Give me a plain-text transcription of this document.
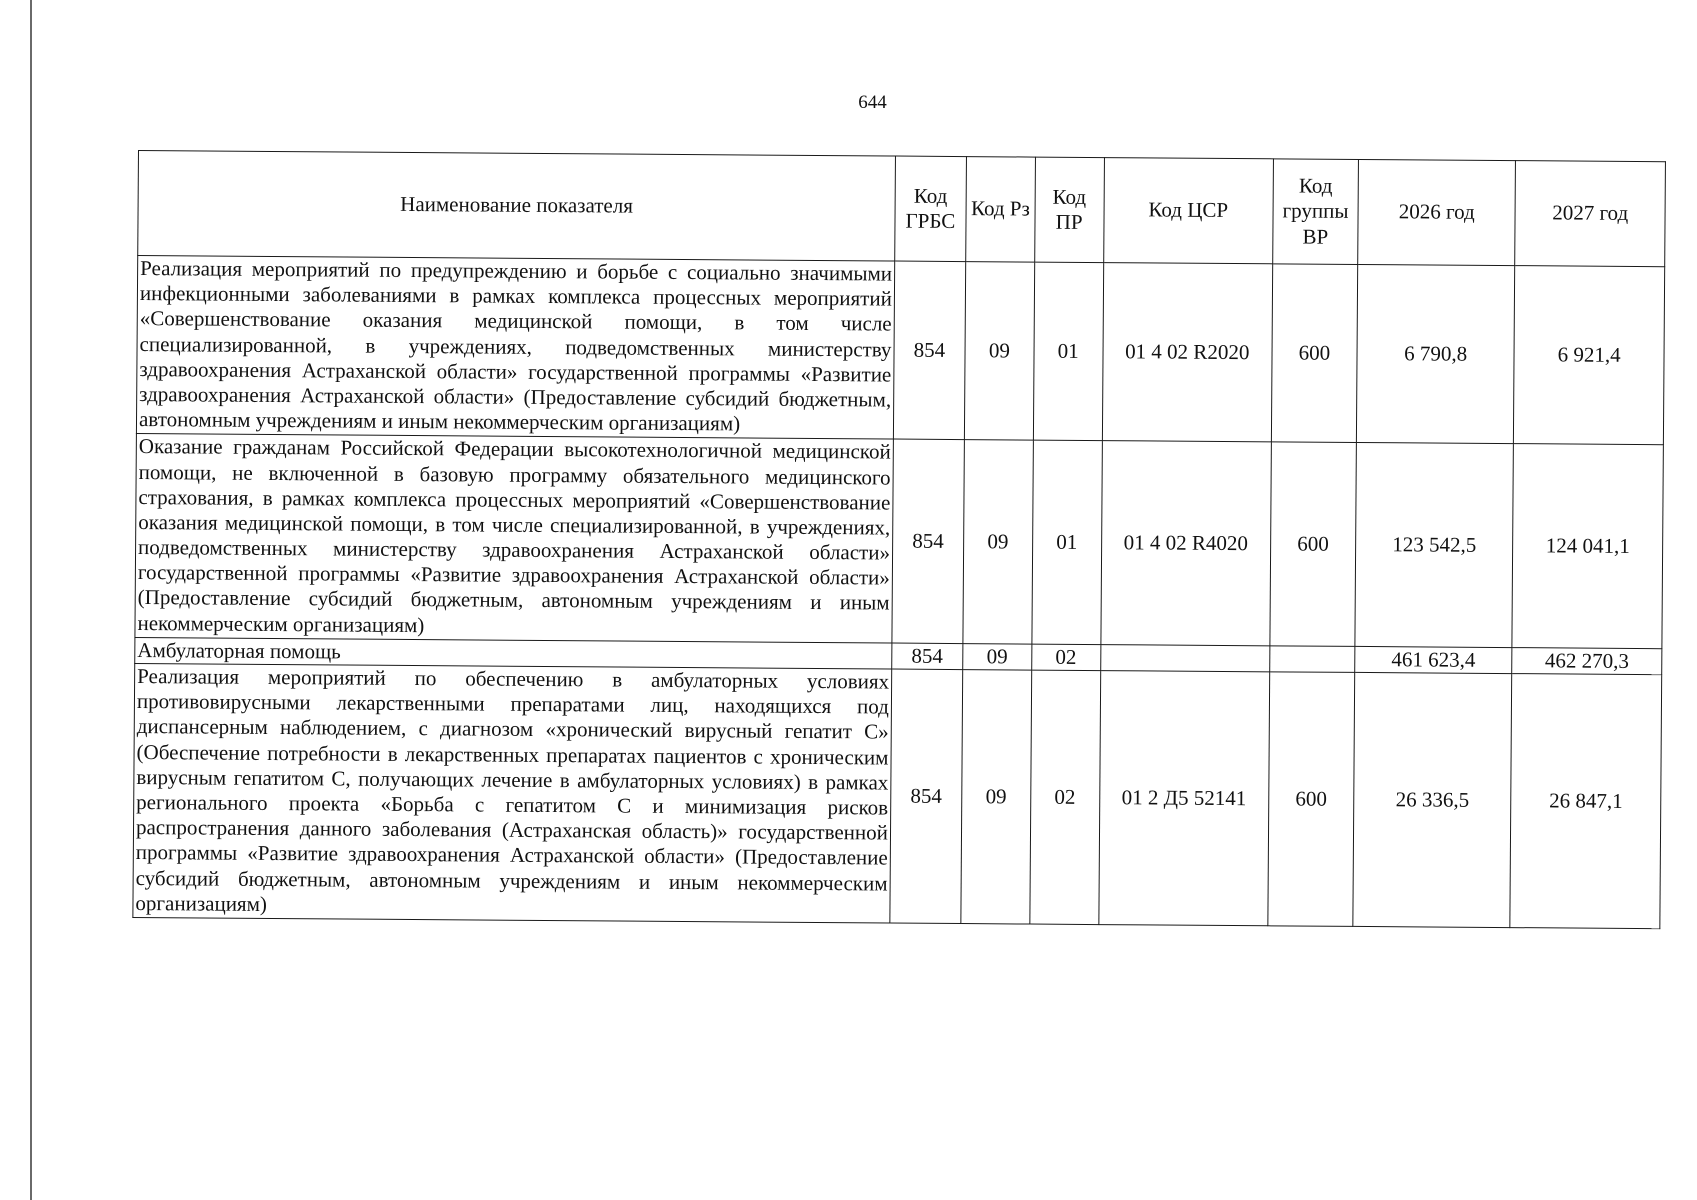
644
Наименование показателя	Код ГРБС	Код Рз	Код ПР	Код ЦСР	Код группы ВР	2026 год	2027 год

Реализация мероприятий по предупреждению и борьбе с социально значимыми инфекционными заболеваниями в рамках комплекса процессных мероприятий «Совершенствование оказания медицинской помощи, в том числе специализированной, в учреждениях, подведомственных министерству здравоохранения Астраханской области» государственной программы «Развитие здравоохранения Астраханской области» (Предоставление субсидий бюджетным, автономным учреждениям и иным некоммерческим организациям)	854	09	01	01 4 02 R2020	600	6 790,8	6 921,4

Оказание гражданам Российской Федерации высокотехнологичной медицинской помощи, не включенной в базовую программу обязательного медицинского страхования, в рамках комплекса процессных мероприятий «Совершенствование оказания медицинской помощи, в том числе специализированной, в учреждениях, подведомственных министерству здравоохранения Астраханской области» государственной программы «Развитие здравоохранения Астраханской области» (Предоставление субсидий бюджетным, автономным учреждениям и иным некоммерческим организациям)	854	09	01	01 4 02 R4020	600	123 542,5	124 041,1

Амбулаторная помощь	854	09	02			461 623,4	462 270,3

Реализация мероприятий по обеспечению в амбулаторных условиях противовирусными лекарственными препаратами лиц, находящихся под диспансерным наблюдением, с диагнозом «хронический вирусный гепатит С» (Обеспечение потребности в лекарственных препаратах пациентов с хроническим вирусным гепатитом С, получающих лечение в амбулаторных условиях) в рамках регионального проекта «Борьба с гепатитом С и минимизация рисков распространения данного заболевания (Астраханская область)» государственной программы «Развитие здравоохранения Астраханской области» (Предоставление субсидий бюджетным, автономным учреждениям и иным некоммерческим организациям)	854	09	02	01 2 Д5 52141	600	26 336,5	26 847,1
